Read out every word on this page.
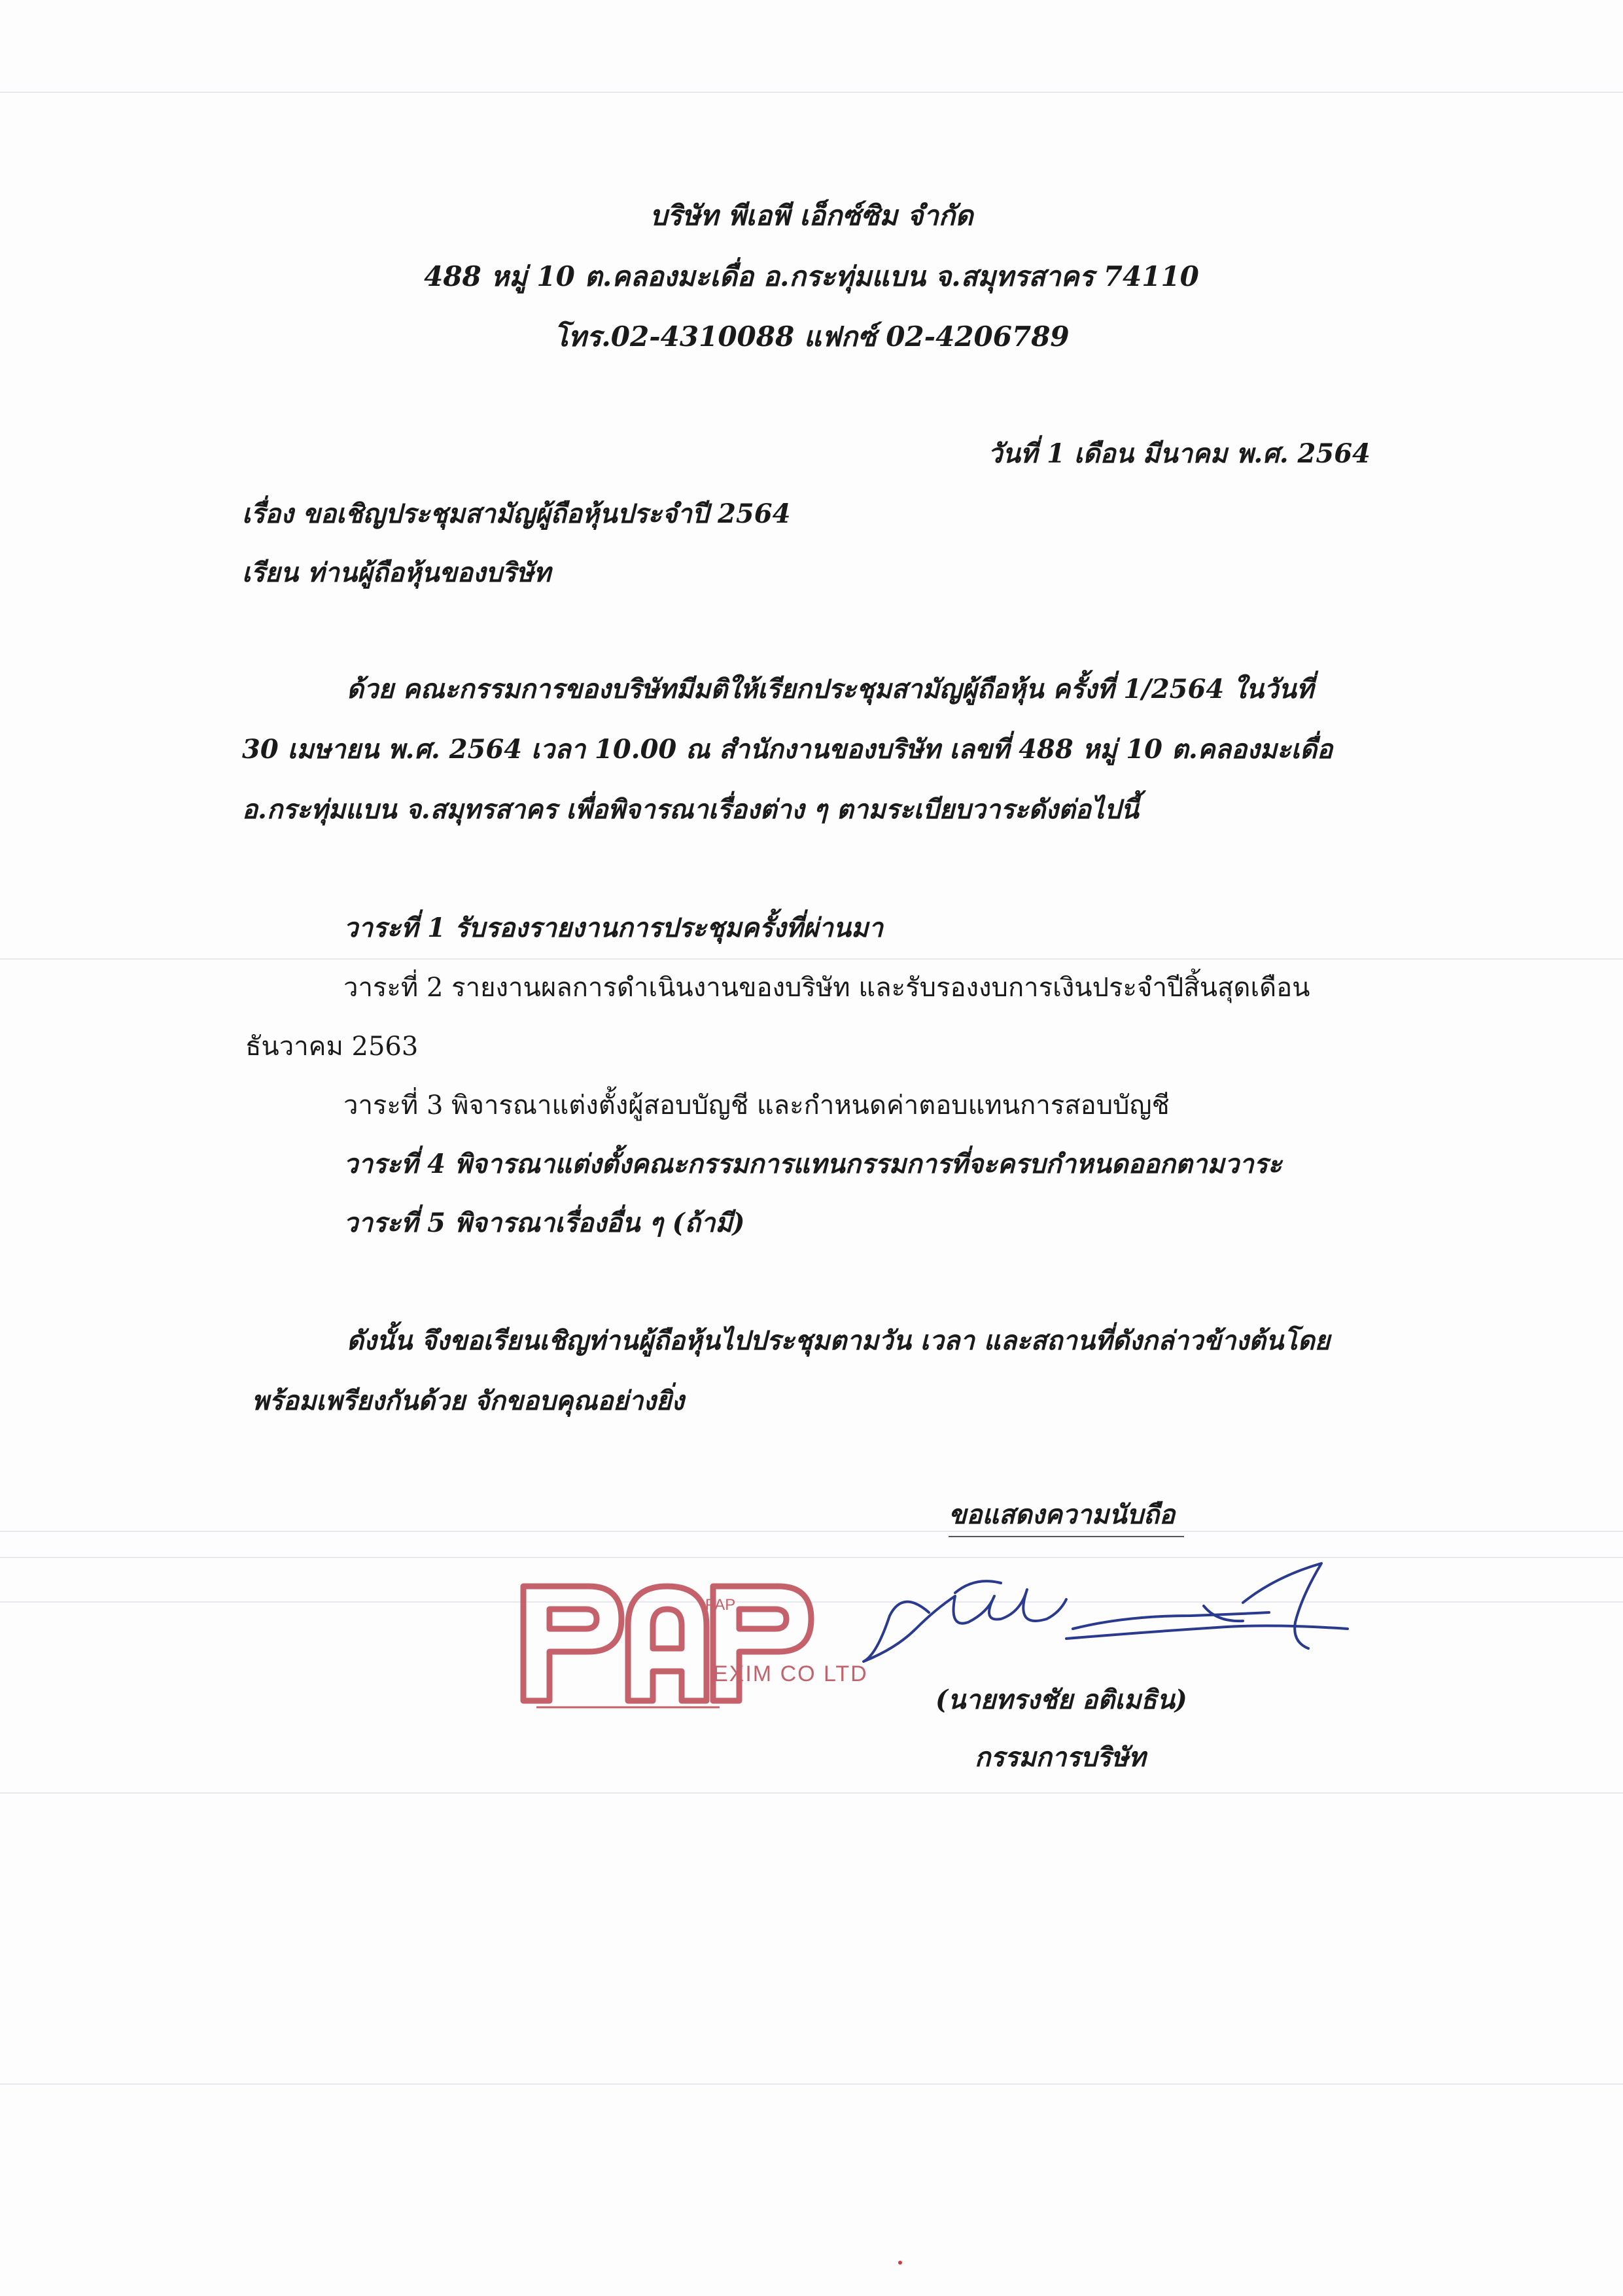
บริษัท พีเอพี เอ็กซ์ซิม จำกัด
488 หมู่ 10 ต.คลองมะเดื่อ อ.กระทุ่มแบน จ.สมุทรสาคร 74110
โทร.02-4310088 แฟกซ์ 02-4206789
วันที่ 1 เดือน มีนาคม พ.ศ. 2564
เรื่อง ขอเชิญประชุมสามัญผู้ถือหุ้นประจำปี 2564
เรียน ท่านผู้ถือหุ้นของบริษัท
ด้วย คณะกรรมการของบริษัทมีมติให้เรียกประชุมสามัญผู้ถือหุ้น ครั้งที่ 1/2564 ในวันที่
30 เมษายน พ.ศ. 2564 เวลา 10.00 ณ สำนักงานของบริษัท เลขที่ 488 หมู่ 10 ต.คลองมะเดื่อ
อ.กระทุ่มแบน จ.สมุทรสาคร เพื่อพิจารณาเรื่องต่าง ๆ ตามระเบียบวาระดังต่อไปนี้
วาระที่ 1 รับรองรายงานการประชุมครั้งที่ผ่านมา
วาระที่ 2 รายงานผลการดำเนินงานของบริษัท และรับรองงบการเงินประจำปีสิ้นสุดเดือน
ธันวาคม 2563
วาระที่ 3 พิจารณาแต่งตั้งผู้สอบบัญชี และกำหนดค่าตอบแทนการสอบบัญชี
วาระที่ 4 พิจารณาแต่งตั้งคณะกรรมการแทนกรรมการที่จะครบกำหนดออกตามวาระ
วาระที่ 5 พิจารณาเรื่องอื่น ๆ (ถ้ามี)
ดังนั้น จึงขอเรียนเชิญท่านผู้ถือหุ้นไปประชุมตามวัน เวลา และสถานที่ดังกล่าวข้างต้นโดย
พร้อมเพรียงกันด้วย จักขอบคุณอย่างยิ่ง
ขอแสดงความนับถือ
PAP
EXIM CO LTD
(นายทรงชัย อติเมธิน)
กรรมการบริษัท
